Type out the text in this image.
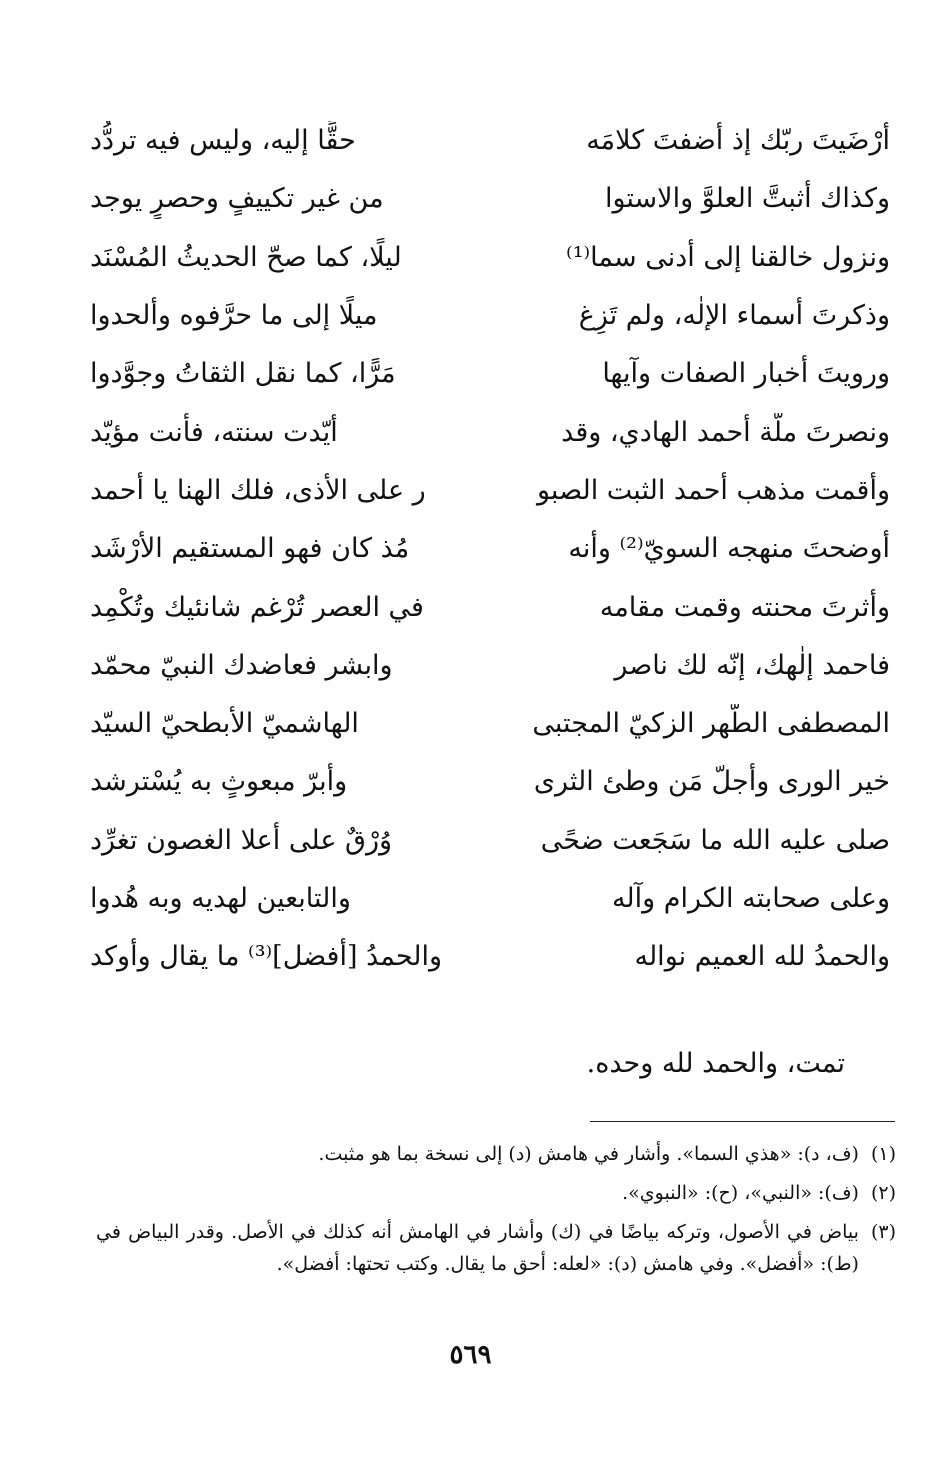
أرْضَيتَ ربّك إذ أضفتَ كلامَه
حقًّا إليه، وليس فيه تردُّد
وكذاك أثبتَّ العلوَّ والاستوا
من غير تكييفٍ وحصرٍ يوجد
ونزول خالقنا إلى أدنى سما⁽¹⁾
ليلًا، كما صحّ الحديثُ المُسْنَد
وذكرتَ أسماء الإلٰه، ولم تَزِغ
ميلًا إلى ما حرَّفوه وألحدوا
ورويتَ أخبار الصفات وآيها
مَرًّا، كما نقل الثقاتُ وجوَّدوا
ونصرتَ ملّة أحمد الهادي، وقد
أيّدت سنته، فأنت مؤيّد
وأقمت مذهب أحمد الثبت الصبو
ر على الأذى، فلك الهنا يا أحمد
أوضحتَ منهجه السويّ⁽²⁾ وأنه
مُذ كان فهو المستقيم الأرْشَد
وأثرتَ محنته وقمت مقامه
في العصر تُرْغم شانئيك وتُكْمِد
فاحمد إلٰهك، إنّه لك ناصر
وابشر فعاضدك النبيّ محمّد
المصطفى الطّهر الزكيّ المجتبى
الهاشميّ الأبطحيّ السيّد
خير الورى وأجلّ مَن وطئ الثرى
وأبرّ مبعوثٍ به يُسْترشد
صلى عليه الله ما سَجَعت ضحًى
وُرْقٌ على أعلا الغصون تغرِّد
وعلى صحابته الكرام وآله
والتابعين لهديه وبه هُدوا
والحمدُ لله العميم نواله
والحمدُ [أفضل]⁽³⁾ ما يقال وأوكد
تمت، والحمد لله وحده.
(١)
(ف، د): «هذي السما». وأشار في هامش (د) إلى نسخة بما هو مثبت.
(٢)
(ف): «النبي»، (ح): «النبوي».
(٣)
بياض في الأصول، وتركه بياضًا في (ك) وأشار في الهامش أنه كذلك في الأصل. وقدر البياض في (ط): «أفضل». وفي هامش (د): «لعله: أحق ما يقال. وكتب تحتها: أفضل».
٥٦٩
